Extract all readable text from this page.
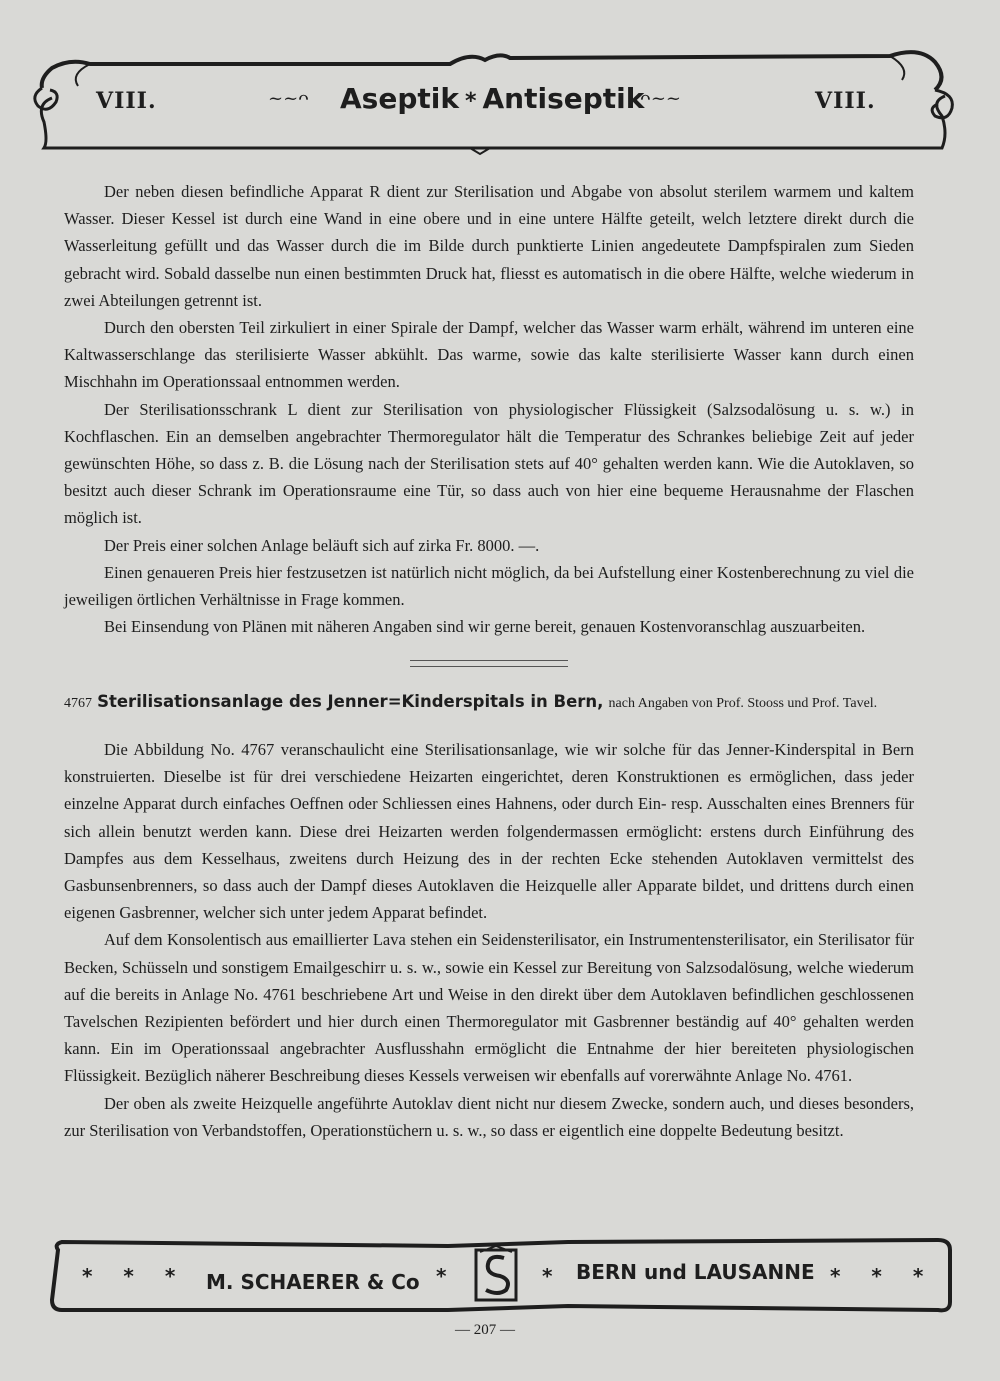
VIII.	~~ᴖ Aseptik * Antiseptik
ᴖ~~	VIII.

Der neben diesen befindliche Apparat R dient zur Sterilisation und Abgabe von absolut sterilem warmem und kaltem Wasser. Dieser Kessel ist durch eine Wand in eine obere und in eine untere Hälfte geteilt, welch letztere direkt durch die Wasserleitung gefüllt und das Wasser durch die im Bilde durch punktierte Linien angedeutete Dampfspiralen zum Sieden gebracht wird. Sobald dasselbe nun einen bestimmten Druck hat, fliesst es automatisch in die obere Hälfte, welche wiederum in zwei Abteilungen getrennt ist.

Durch den obersten Teil zirkuliert in einer Spirale der Dampf, welcher das Wasser warm erhält, während im unteren eine Kaltwasserschlange das sterilisierte Wasser abkühlt. Das warme, sowie das kalte sterilisierte Wasser kann durch einen Mischhahn im Operationssaal entnommen werden.

Der Sterilisationsschrank L dient zur Sterilisation von physiologischer Flüssigkeit (Salzsodalösung u. s. w.) in Kochflaschen. Ein an demselben angebrachter Thermoregulator hält die Temperatur des Schrankes beliebige Zeit auf jeder gewünschten Höhe, so dass z. B. die Lösung nach der Sterilisation stets auf 40° gehalten werden kann. Wie die Autoklaven, so besitzt auch dieser Schrank im Operationsraume eine Tür, so dass auch von hier eine bequeme Herausnahme der Flaschen möglich ist.

Der Preis einer solchen Anlage beläuft sich auf zirka Fr. 8000. —.

Einen genaueren Preis hier festzusetzen ist natürlich nicht möglich, da bei Aufstellung einer Kostenberechnung zu viel die jeweiligen örtlichen Verhältnisse in Frage kommen.

Bei Einsendung von Plänen mit näheren Angaben sind wir gerne bereit, genauen Kostenvoranschlag auszuarbeiten.

4767 Sterilisationsanlage des Jenner=Kinderspitals in Bern, nach Angaben von Prof. Stooss und Prof. Tavel.

Die Abbildung No. 4767 veranschaulicht eine Sterilisationsanlage, wie wir solche für das Jenner-Kinderspital in Bern konstruierten. Dieselbe ist für drei verschiedene Heizarten eingerichtet, deren Konstruktionen es ermöglichen, dass jeder einzelne Apparat durch einfaches Oeffnen oder Schliessen eines Hahnens, oder durch Ein- resp. Ausschalten eines Brenners für sich allein benutzt werden kann. Diese drei Heizarten werden folgendermassen ermöglicht: erstens durch Einführung des Dampfes aus dem Kesselhaus, zweitens durch Heizung des in der rechten Ecke stehenden Autoklaven vermittelst des Gasbunsenbrenners, so dass auch der Dampf dieses Autoklaven die Heizquelle aller Apparate bildet, und drittens durch einen eigenen Gasbrenner, welcher sich unter jedem Apparat befindet.

Auf dem Konsolentisch aus emaillierter Lava stehen ein Seidensterilisator, ein Instrumentensterilisator, ein Sterilisator für Becken, Schüsseln und sonstigem Emailgeschirr u. s. w., sowie ein Kessel zur Bereitung von Salzsodalösung, welche wiederum auf die bereits in Anlage No. 4761 beschriebene Art und Weise in den direkt über dem Autoklaven befindlichen geschlossenen Tavelschen Rezipienten befördert und hier durch einen Thermoregulator mit Gasbrenner beständig auf 40° gehalten werden kann. Ein im Operationssaal angebrachter Ausflusshahn ermöglicht die Entnahme der hier bereiteten physiologischen Flüssigkeit. Bezüglich näherer Beschreibung dieses Kessels verweisen wir ebenfalls auf vorerwähnte Anlage No. 4761.

Der oben als zweite Heizquelle angeführte Autoklav dient nicht nur diesem Zwecke, sondern auch, und dieses besonders, zur Sterilisation von Verbandstoffen, Operationstüchern u. s. w., so dass er eigentlich eine doppelte Bedeutung besitzt.

* * * M. SCHAERER & Co *	* BERN und LAUSANNE * * *
— 207 —
